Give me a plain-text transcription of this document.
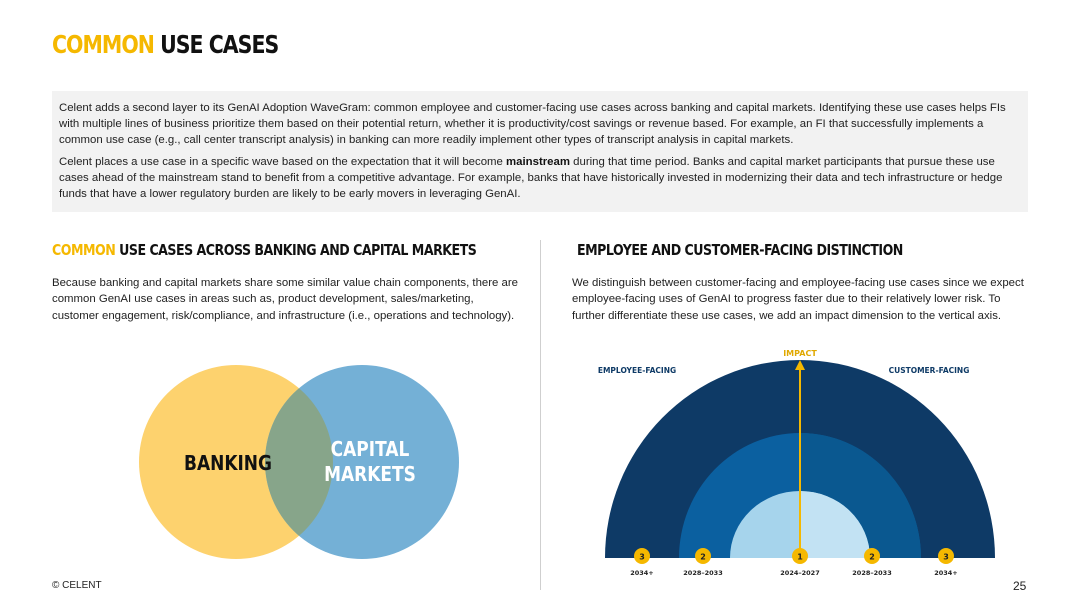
COMMON USE CASES

Celent adds a second layer to its GenAI Adoption WaveGram: common employee and customer-facing use cases across banking and capital markets. Identifying these use cases helps FIs with multiple lines of business prioritize them based on their potential return, whether it is productivity/cost savings or revenue based. For example, an FI that successfully implements a common use case (e.g., call center transcript analysis) in banking can more readily implement other types of transcript analysis in capital markets.

Celent places a use case in a specific wave based on the expectation that it will become mainstream during that time period. Banks and capital market participants that pursue these use cases ahead of the mainstream stand to benefit from a competitive advantage. For example, banks that have historically invested in modernizing their data and tech infrastructure or hedge funds that have a lower regulatory burden are likely to be early movers in leveraging GenAI.

COMMON USE CASES ACROSS BANKING AND CAPITAL MARKETS
Because banking and capital markets share some similar value chain components, there are common GenAI use cases in areas such as, product development, sales/marketing, customer engagement, risk/compliance, and infrastructure (i.e., operations and technology).
BANKING
CAPITAL
MARKETS
EMPLOYEE AND CUSTOMER-FACING DISTINCTION
We distinguish between customer-facing and employee-facing use cases since we expect employee-facing uses of GenAI to progress faster due to their relatively lower risk. To further differentiate these use cases, we add an impact dimension to the vertical axis.
IMPACT
EMPLOYEE-FACING	CUSTOMER-FACING
3
2034+
2
2028–2033
1
2024–2027
2
2028–2033
3
2034+
© CELENT	25
